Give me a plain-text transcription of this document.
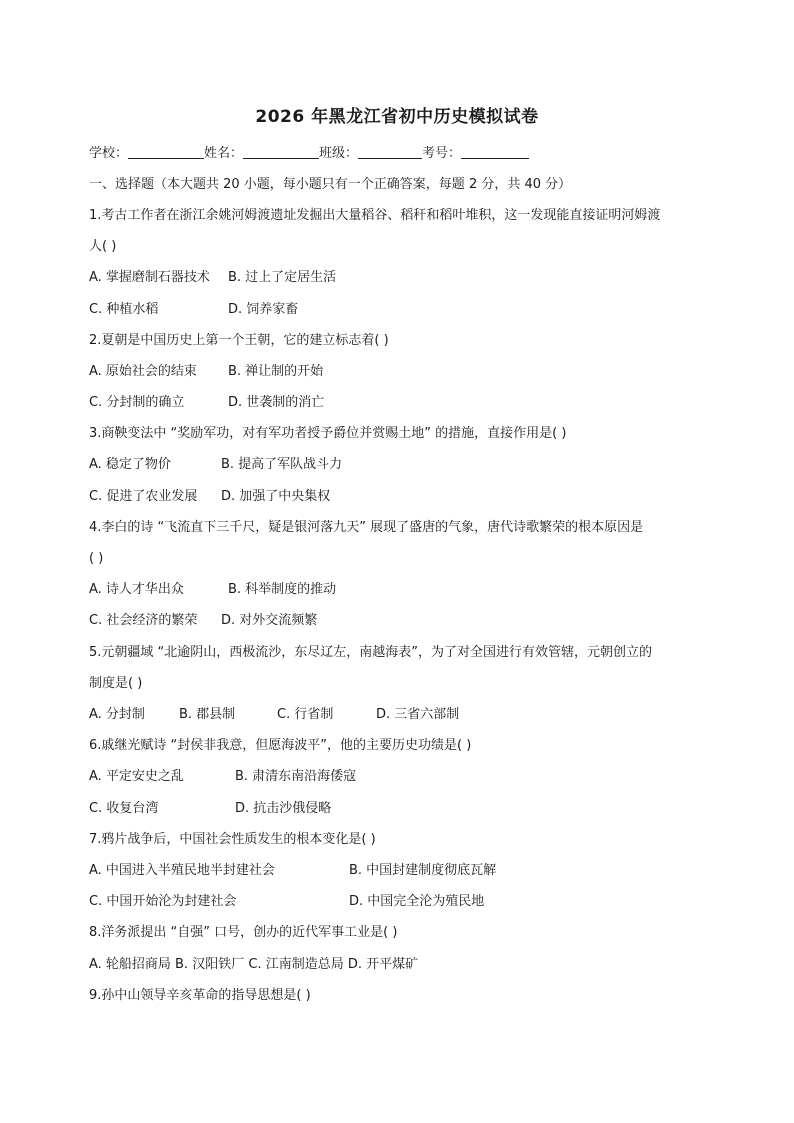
2026 年黑龙江省初中历史模拟试卷
学校：	姓名：	班级：	考号：
一、选择题（本大题共 20 小题，每小题只有一个正确答案，每题 2 分，共 40 分）
1.考古工作者在浙江余姚河姆渡遗址发掘出大量稻谷、稻秆和稻叶堆积，这一发现能直接证明河姆渡
人( )
A. 掌握磨制石器技术 B. 过上了定居生活
C. 种植水稻	D. 饲养家畜
2.夏朝是中国历史上第一个王朝，它的建立标志着( )
A. 原始社会的结束 B. 禅让制的开始
C. 分封制的确立	D. 世袭制的消亡
3.商鞅变法中 “奖励军功，对有军功者授予爵位并赏赐土地” 的措施，直接作用是( )
A. 稳定了物价	B. 提高了军队战斗力
C. 促进了农业发展 D. 加强了中央集权
4.李白的诗 “飞流直下三千尺，疑是银河落九天” 展现了盛唐的气象，唐代诗歌繁荣的根本原因是
( )
A. 诗人才华出众	B. 科举制度的推动
C. 社会经济的繁荣 D. 对外交流频繁
5.元朝疆域 “北逾阴山，西极流沙，东尽辽左，南越海表”，为了对全国进行有效管辖，元朝创立的
制度是( )
A. 分封制	B. 郡县制	C. 行省制	D. 三省六部制
6.戚继光赋诗 “封侯非我意，但愿海波平”，他的主要历史功绩是( )
A. 平定安史之乱	B. 肃清东南沿海倭寇
C. 收复台湾	D. 抗击沙俄侵略
7.鸦片战争后，中国社会性质发生的根本变化是( )
A. 中国进入半殖民地半封建社会	B. 中国封建制度彻底瓦解
C. 中国开始沦为封建社会	D. 中国完全沦为殖民地
8.洋务派提出 “自强” 口号，创办的近代军事工业是( )
A. 轮船招商局 B. 汉阳铁厂 C. 江南制造总局 D. 开平煤矿
9.孙中山领导辛亥革命的指导思想是( )
